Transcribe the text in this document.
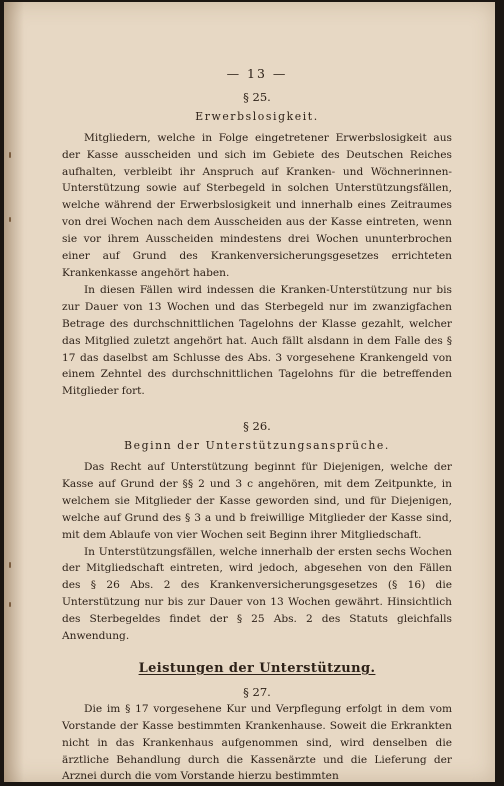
— 13 —
§ 25.
Erwerbslosigkeit.

Mitgliedern, welche in Folge eingetretener Erwerbslosigkeit aus der Kasse ausscheiden und sich im Gebiete des Deutschen Reiches aufhalten, verbleibt ihr Anspruch auf Kranken- und Wöchnerinnen-Unterstützung sowie auf Sterbegeld in solchen Unterstützungsfällen, welche während der Erwerbslosigkeit und innerhalb eines Zeitraumes von drei Wochen nach dem Ausscheiden aus der Kasse eintreten, wenn sie vor ihrem Ausscheiden mindestens drei Wochen ununterbrochen einer auf Grund des Krankenversicherungsgesetzes errichteten Krankenkasse angehört haben.

In diesen Fällen wird indessen die Kranken-Unterstützung nur bis zur Dauer von 13 Wochen und das Sterbegeld nur im zwanzigfachen Betrage des durchschnittlichen Tagelohns der Klasse gezahlt, welcher das Mitglied zuletzt angehört hat. Auch fällt alsdann in dem Falle des § 17 das daselbst am Schlusse des Abs. 3 vorgesehene Krankengeld von einem Zehntel des durchschnittlichen Tagelohns für die betreffenden Mitglieder fort.

§ 26.
Beginn der Unterstützungsansprüche.

Das Recht auf Unterstützung beginnt für Diejenigen, welche der Kasse auf Grund der §§ 2 und 3 c angehören, mit dem Zeitpunkte, in welchem sie Mitglieder der Kasse geworden sind, und für Diejenigen, welche auf Grund des § 3 a und b freiwillige Mitglieder der Kasse sind, mit dem Ablaufe von vier Wochen seit Beginn ihrer Mitgliedschaft.

In Unterstützungsfällen, welche innerhalb der ersten sechs Wochen der Mitgliedschaft eintreten, wird jedoch, abgesehen von den Fällen des § 26 Abs. 2 des Krankenversicherungsgesetzes (§ 16) die Unterstützung nur bis zur Dauer von 13 Wochen gewährt. Hinsichtlich des Sterbegeldes findet der § 25 Abs. 2 des Statuts gleichfalls Anwendung.

Leistungen der Unterstützung.
§ 27.

Die im § 17 vorgesehene Kur und Verpflegung erfolgt in dem vom Vorstande der Kasse bestimmten Krankenhause. Soweit die Erkrankten nicht in das Krankenhaus aufgenommen sind, wird denselben die ärztliche Behandlung durch die Kassenärzte und die Lieferung der Arznei durch die vom Vorstande hierzu bestimmten
